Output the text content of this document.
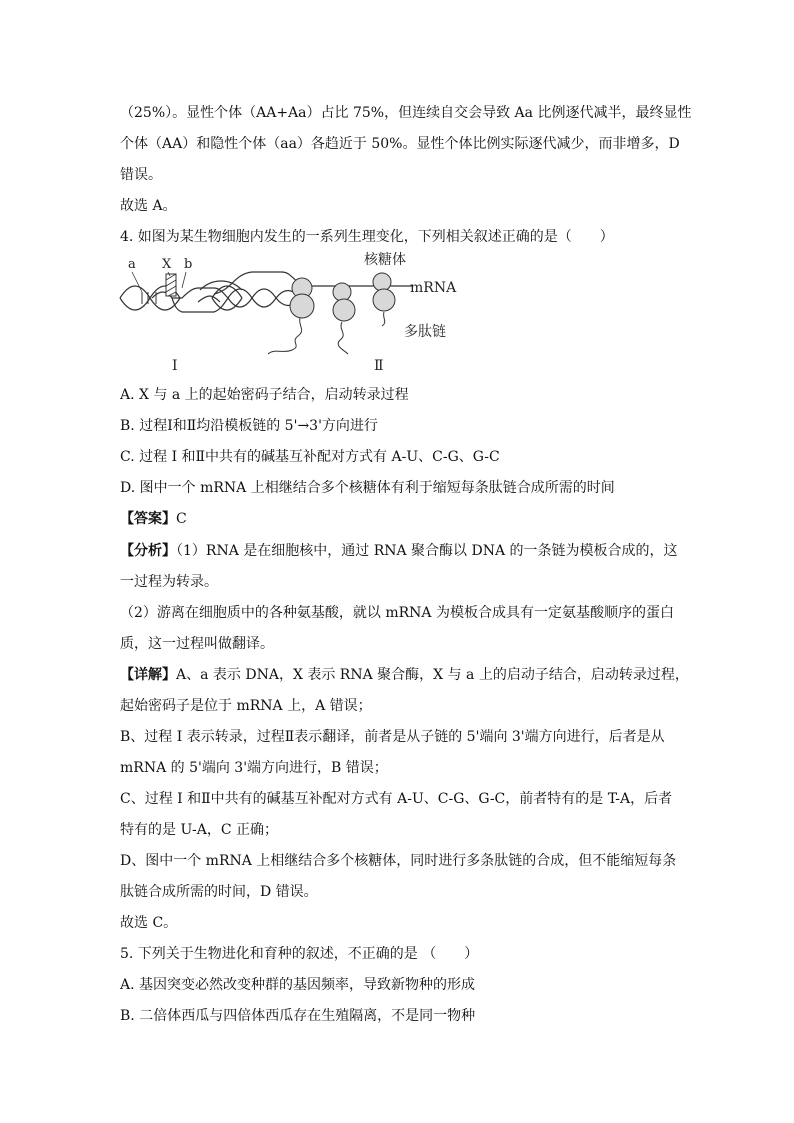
（25%）。显性个体（AA+Aa）占比 75%，但连续自交会导致 Aa 比例逐代减半，最终显性
个体（AA）和隐性个体（aa）各趋近于 50%。显性个体比例实际逐代减少，而非增多，D
错误。
故选 A。
4. 如图为某生物细胞内发生的一系列生理变化，下列相关叙述正确的是（　　）
a X b	核糖体
mRNA
多肽链
Ⅰ	Ⅱ
A. X 与 a 上的起始密码子结合，启动转录过程
B. 过程Ⅰ和Ⅱ均沿模板链的 5'→3'方向进行
C. 过程 I 和Ⅱ中共有的碱基互补配对方式有 A-U、C-G、G-C
D. 图中一个 mRNA 上相继结合多个核糖体有利于缩短每条肽链合成所需的时间
【答案】C
【分析】（1）RNA 是在细胞核中，通过 RNA 聚合酶以 DNA 的一条链为模板合成的，这
一过程为转录。
（2）游离在细胞质中的各种氨基酸，就以 mRNA 为模板合成具有一定氨基酸顺序的蛋白
质，这一过程叫做翻译。
【详解】A、a 表示 DNA，X 表示 RNA 聚合酶，X 与 a 上的启动子结合，启动转录过程，
起始密码子是位于 mRNA 上，A 错误；
B、过程 I 表示转录，过程Ⅱ表示翻译，前者是从子链的 5'端向 3'端方向进行，后者是从
mRNA 的 5'端向 3'端方向进行，B 错误；
C、过程 I 和Ⅱ中共有的碱基互补配对方式有 A-U、C-G、G-C，前者特有的是 T-A，后者
特有的是 U-A，C 正确；
D、图中一个 mRNA 上相继结合多个核糖体，同时进行多条肽链的合成，但不能缩短每条
肽链合成所需的时间，D 错误。
故选 C。
5. 下列关于生物进化和育种的叙述，不正确的是 （　　）
A. 基因突变必然改变种群的基因频率，导致新物种的形成
B. 二倍体西瓜与四倍体西瓜存在生殖隔离，不是同一物种
